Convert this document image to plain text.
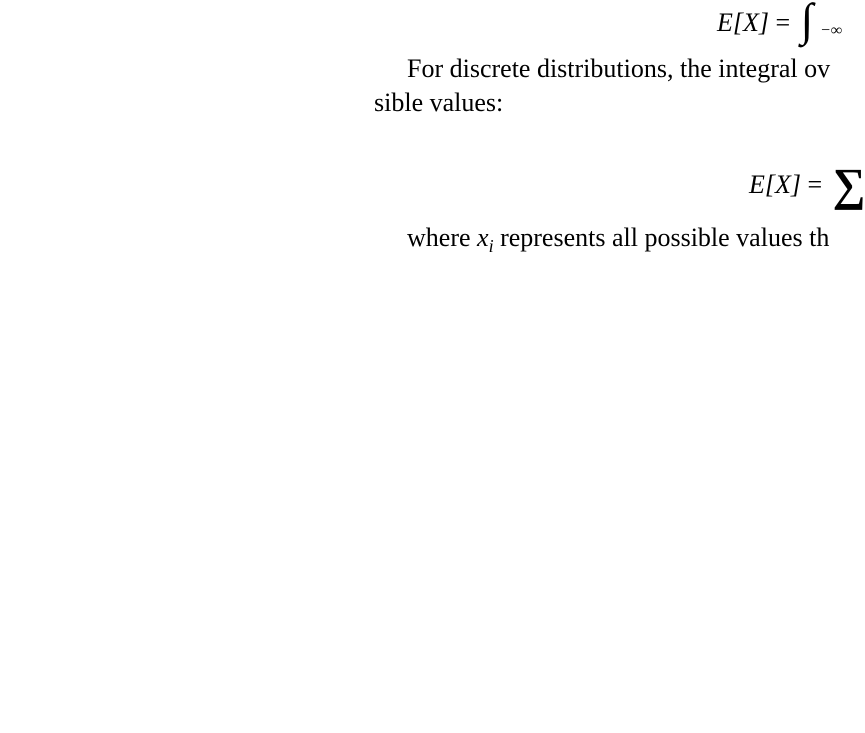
E[X] = ∫ −∞
For discrete distributions, the integral ov
sible values:
E[X] = ∑
where $x_i$ represents all possible values th
